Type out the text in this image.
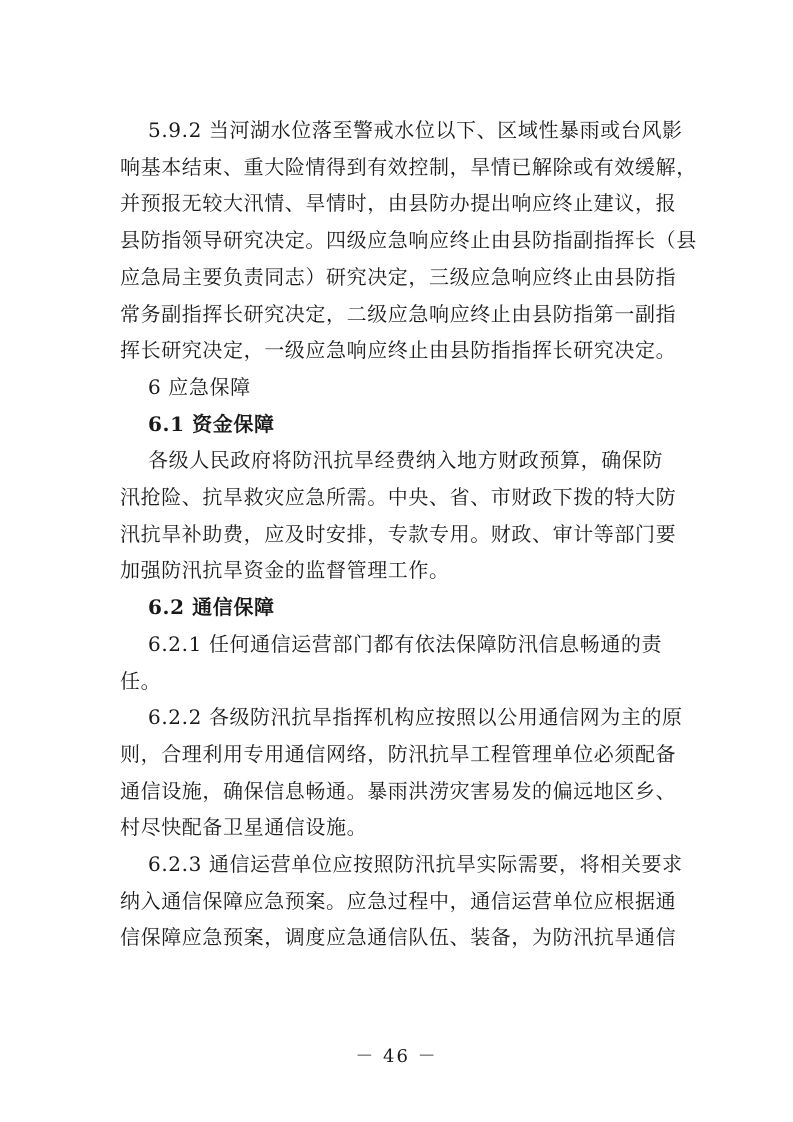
5.9.2 当河湖水位落至警戒水位以下、区域性暴雨或台风影
响基本结束、重大险情得到有效控制，旱情已解除或有效缓解，
并预报无较大汛情、旱情时，由县防办提出响应终止建议，报
县防指领导研究决定。四级应急响应终止由县防指副指挥长（县
应急局主要负责同志）研究决定，三级应急响应终止由县防指
常务副指挥长研究决定，二级应急响应终止由县防指第一副指
挥长研究决定，一级应急响应终止由县防指指挥长研究决定。

6 应急保障

6.1 资金保障

各级人民政府将防汛抗旱经费纳入地方财政预算，确保防
汛抢险、抗旱救灾应急所需。中央、省、市财政下拨的特大防
汛抗旱补助费，应及时安排，专款专用。财政、审计等部门要
加强防汛抗旱资金的监督管理工作。

6.2 通信保障

6.2.1 任何通信运营部门都有依法保障防汛信息畅通的责
任。

6.2.2 各级防汛抗旱指挥机构应按照以公用通信网为主的原
则，合理利用专用通信网络，防汛抗旱工程管理单位必须配备
通信设施，确保信息畅通。暴雨洪涝灾害易发的偏远地区乡、
村尽快配备卫星通信设施。

6.2.3 通信运营单位应按照防汛抗旱实际需要，将相关要求
纳入通信保障应急预案。应急过程中，通信运营单位应根据通
信保障应急预案，调度应急通信队伍、装备，为防汛抗旱通信

－ 46 －
